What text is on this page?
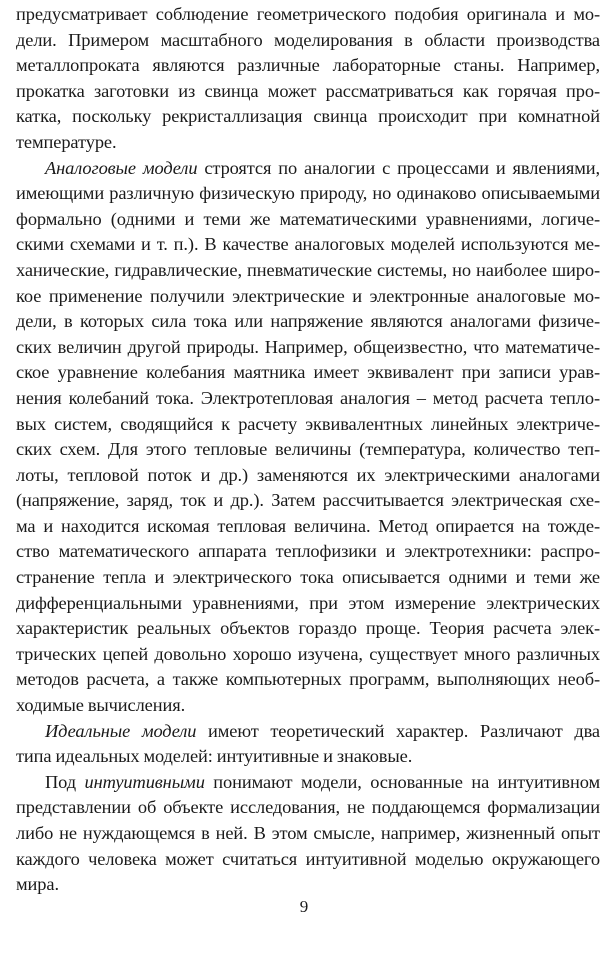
предусматривает соблюдение геометрического подобия оригинала и мо-
дели. Примером масштабного моделирования в области производства
металлопроката являются различные лабораторные станы. Например,
прокатка заготовки из свинца может рассматриваться как горячая про-
катка, поскольку рекристаллизация свинца происходит при комнатной
температуре.

Аналоговые модели строятся по аналогии с процессами и явлениями,
имеющими различную физическую природу, но одинаково описываемыми
формально (одними и теми же математическими уравнениями, логиче-
скими схемами и т. п.). В качестве аналоговых моделей используются ме-
ханические, гидравлические, пневматические системы, но наиболее широ-
кое применение получили электрические и электронные аналоговые мо-
дели, в которых сила тока или напряжение являются аналогами физиче-
ских величин другой природы. Например, общеизвестно, что математиче-
ское уравнение колебания маятника имеет эквивалент при записи урав-
нения колебаний тока. Электротепловая аналогия – метод расчета тепло-
вых систем, сводящийся к расчету эквивалентных линейных электриче-
ских схем. Для этого тепловые величины (температура, количество теп-
лоты, тепловой поток и др.) заменяются их электрическими аналогами
(напряжение, заряд, ток и др.). Затем рассчитывается электрическая схе-
ма и находится искомая тепловая величина. Метод опирается на тожде-
ство математического аппарата теплофизики и электротехники: распро-
странение тепла и электрического тока описывается одними и теми же
дифференциальными уравнениями, при этом измерение электрических
характеристик реальных объектов гораздо проще. Теория расчета элек-
трических цепей довольно хорошо изучена, существует много различных
методов расчета, а также компьютерных программ, выполняющих необ-
ходимые вычисления.

Идеальные модели имеют теоретический характер. Различают два
типа идеальных моделей: интуитивные и знаковые.

Под интуитивными понимают модели, основанные на интуитивном
представлении об объекте исследования, не поддающемся формализации
либо не нуждающемся в ней. В этом смысле, например, жизненный опыт
каждого человека может считаться интуитивной моделью окружающего
мира.

9
